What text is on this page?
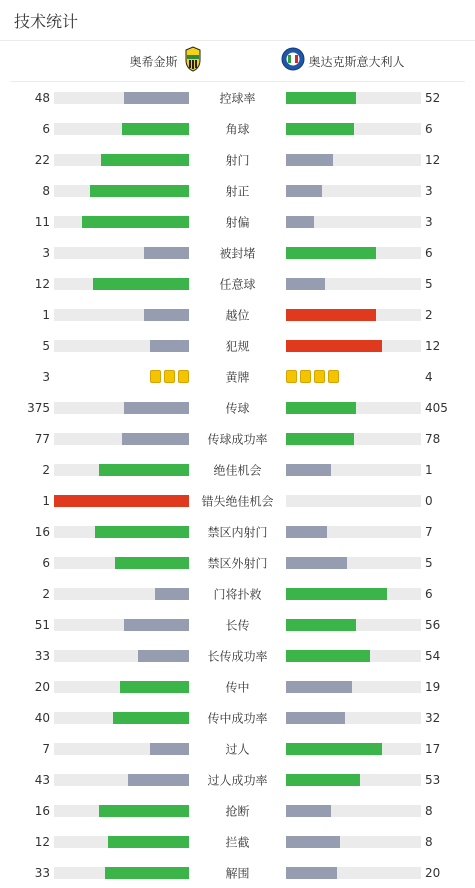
技术统计
奥希金斯	奥达克斯意大利人
48	控球率	52
6	角球	6
22	射门	12
8	射正	3
11	射偏	3
3	被封堵	6
12	任意球	5
1	越位	2
5	犯规	12
3	黄牌	4
375	传球	405
77	传球成功率	78
2	绝佳机会	1
1	错失绝佳机会	0
16	禁区内射门	7
6	禁区外射门	5
2	门将扑救	6
51	长传	56
33	长传成功率	54
20	传中	19
40	传中成功率	32
7	过人	17
43	过人成功率	53
16	抢断	8
12	拦截	8
33	解围	20
